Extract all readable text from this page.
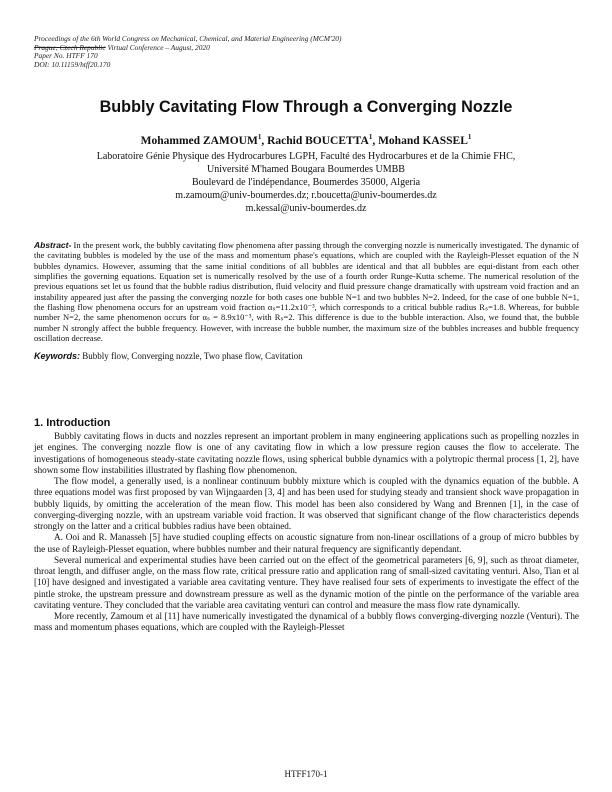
Proceedings of the 6th World Congress on Mechanical, Chemical, and Material Engineering (MCM'20)
Prague, Czech Republic Virtual Conference – August, 2020
Paper No. HTFF 170
DOI: 10.11159/htff20.170
Bubbly Cavitating Flow Through a Converging Nozzle
Mohammed ZAMOUM$^1$, Rachid BOUCETTA$^1$, Mohand KASSEL$^1$
Laboratoire Génie Physique des Hydrocarbures LGPH, Faculté des Hydrocarbures et de la Chimie FHC,
Université M'hamed Bougara Boumerdes UMBB
Boulevard de l'indépendance, Boumerdes 35000, Algeria
m.zamoum@univ-boumerdes.dz; r.boucetta@univ-boumerdes.dz
m.kessal@univ-boumerdes.dz
Abstract- In the present work, the bubbly cavitating flow phenomena after passing through the converging nozzle is numerically investigated. The dynamic of the cavitating bubbles is modeled by the use of the mass and momentum phase's equations, which are coupled with the Rayleigh-Plesset equation of the N bubbles dynamics. However, assuming that the same initial conditions of all bubbles are identical and that all bubbles are equi-distant from each other simplifies the governing equations. Equation set is numerically resolved by the use of a fourth order Runge-Kutta scheme. The numerical resolution of the previous equations set let us found that the bubble radius distribution, fluid velocity and fluid pressure change dramatically with upstream void fraction and an instability appeared just after the passing the converging nozzle for both cases one bubble N=1 and two bubbles N=2. Indeed, for the case of one bubble N=1, the flashing flow phenomena occurs for an upstream void fraction αₛ=11.2x10⁻³, which corresponds to a critical bubble radius Rₛ=1.8. Whereas, for bubble number N=2, the same phenomenon occurs for αₛ = 8.9x10⁻³, with Rₛ=2. This difference is due to the bubble interaction. Also, we found that, the bubble number N strongly affect the bubble frequency. However, with increase the bubble number, the maximum size of the bubbles increases and bubble frequency oscillation decrease.
Keywords: Bubbly flow, Converging nozzle, Two phase flow, Cavitation
1. Introduction

Bubbly cavitating flows in ducts and nozzles represent an important problem in many engineering applications such as propelling nozzles in jet engines. The converging nozzle flow is one of any cavitating flow in which a low pressure region causes the flow to accelerate. The investigations of homogeneous steady-state cavitating nozzle flows, using spherical bubble dynamics with a polytropic thermal process [1, 2], have shown some flow instabilities illustrated by flashing flow phenomenon.

The flow model, a generally used, is a nonlinear continuum bubbly mixture which is coupled with the dynamics equation of the bubble. A three equations model was first proposed by van Wijngaarden [3, 4] and has been used for studying steady and transient shock wave propagation in bubbly liquids, by omitting the acceleration of the mean flow. This model has been also considered by Wang and Brennen [1], in the case of converging-diverging nozzle, with an upstream variable void fraction. It was observed that significant change of the flow characteristics depends strongly on the latter and a critical bubbles radius have been obtained.

A. Ooi and R. Manasseh [5] have studied coupling effects on acoustic signature from non-linear oscillations of a group of micro bubbles by the use of Rayleigh-Plesset equation, where bubbles number and their natural frequency are significantly dependant.

Several numerical and experimental studies have been carried out on the effect of the geometrical parameters [6, 9], such as throat diameter, throat length, and diffuser angle, on the mass flow rate, critical pressure ratio and application rang of small-sized cavitating venturi. Also, Tian et al [10] have designed and investigated a variable area cavitating venture. They have realised four sets of experiments to investigate the effect of the pintle stroke, the upstream pressure and downstream pressure as well as the dynamic motion of the pintle on the performance of the variable area cavitating venture. They concluded that the variable area cavitating venturi can control and measure the mass flow rate dynamically.

More recently, Zamoum et al [11] have numerically investigated the dynamical of a bubbly flows converging-diverging nozzle (Venturi). The mass and momentum phases equations, which are coupled with the Rayleigh-Plesset

HTFF170-1
